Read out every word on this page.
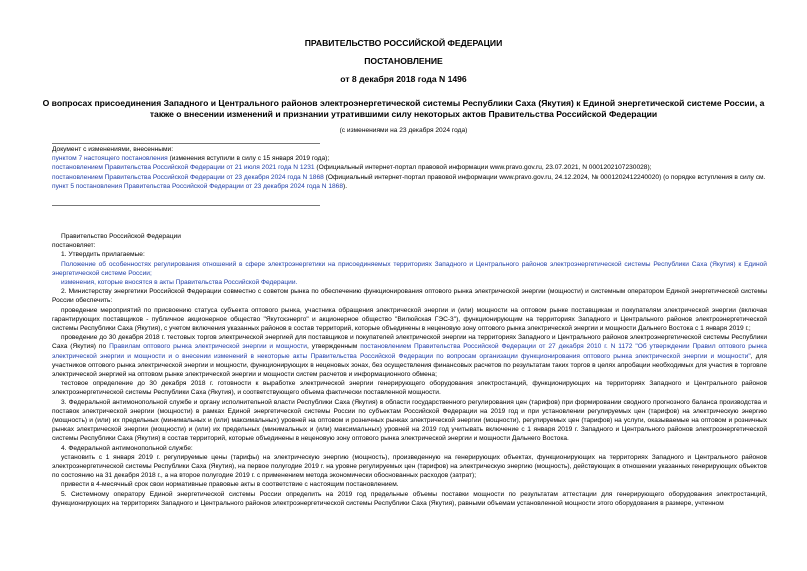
ПРАВИТЕЛЬСТВО РОССИЙСКОЙ ФЕДЕРАЦИИ
ПОСТАНОВЛЕНИЕ
от 8 декабря 2018 года N 1496
О вопросах присоединения Западного и Центрального районов электроэнергетической системы Республики Саха (Якутия) к Единой энергетической системе России, а также о внесении изменений и признании утратившими силу некоторых актов Правительства Российской Федерации
(с изменениями на 23 декабря 2024 года)

Документ с изменениями, внесенными:

пунктом 7 настоящего постановления (изменения вступили в силу с 15 января 2019 года);

постановлением Правительства Российской Федерации от 21 июля 2021 года N 1231 (Официальный интернет-портал правовой информации www.pravo.gov.ru, 23.07.2021, N 0001202107230028);

постановлением Правительства Российской Федерации от 23 декабря 2024 года N 1868 (Официальный интернет-портал правовой информации www.pravo.gov.ru, 24.12.2024, № 0001202412240020) (о порядке вступления в силу см. пункт 5 постановления Правительства Российской Федерации от 23 декабря 2024 года N 1868).

Правительство Российской Федерации

постановляет:

1. Утвердить прилагаемые:

Положение об особенностях регулирования отношений в сфере электроэнергетики на присоединяемых территориях Западного и Центрального районов электроэнергетической системы Республики Саха (Якутия) к Единой энергетической системе России;

изменения, которые вносятся в акты Правительства Российской Федерации.

2. Министерству энергетики Российской Федерации совместно с советом рынка по обеспечению функционирования оптового рынка электрической энергии (мощности) и системным оператором Единой энергетической системы России обеспечить:

проведение мероприятий по присвоению статуса субъекта оптового рынка, участника обращения электрической энергии и (или) мощности на оптовом рынке поставщикам и покупателям электрической энергии (включая гарантирующих поставщиков - публичное акционерное общество "Якутскэнерго" и акционерное общество "Вилюйская ГЭС-3"), функционирующим на территориях Западного и Центрального районов электроэнергетической системы Республики Саха (Якутия), с учетом включения указанных районов в состав территорий, которые объединены в неценовую зону оптового рынка электрической энергии и мощности Дальнего Востока с 1 января 2019 г.;

проведение до 30 декабря 2018 г. тестовых торгов электрической энергией для поставщиков и покупателей электрической энергии на территориях Западного и Центрального районов электроэнергетической системы Республики Саха (Якутия) по Правилам оптового рынка электрической энергии и мощности, утвержденным постановлением Правительства Российской Федерации от 27 декабря 2010 г. N 1172 "Об утверждении Правил оптового рынка электрической энергии и мощности и о внесении изменений в некоторые акты Правительства Российской Федерации по вопросам организации функционирования оптового рынка электрической энергии и мощности", для участников оптового рынка электрической энергии и мощности, функционирующих в неценовых зонах, без осуществления финансовых расчетов по результатам таких торгов в целях апробации необходимых для участия в торговле электрической энергией на оптовом рынке электрической энергии и мощности систем расчетов и информационного обмена;

тестовое определение до 30 декабря 2018 г. готовности к выработке электрической энергии генерирующего оборудования электростанций, функционирующих на территориях Западного и Центрального районов электроэнергетической системы Республики Саха (Якутия), и соответствующего объема фактически поставленной мощности.

3. Федеральной антимонопольной службе и органу исполнительной власти Республики Саха (Якутия) в области государственного регулирования цен (тарифов) при формировании сводного прогнозного баланса производства и поставок электрической энергии (мощности) в рамках Единой энергетической системы России по субъектам Российской Федерации на 2019 год и при установлении регулируемых цен (тарифов) на электрическую энергию (мощность) и (или) их предельных (минимальных и (или) максимальных) уровней на оптовом и розничных рынках электрической энергии (мощности), регулируемых цен (тарифов) на услуги, оказываемые на оптовом и розничных рынках электрической энергии (мощности) и (или) их предельных (минимальных и (или) максимальных) уровней на 2019 год учитывать включение с 1 января 2019 г. Западного и Центрального районов электроэнергетической системы Республики Саха (Якутия) в состав территорий, которые объединены в неценовую зону оптового рынка электрической энергии и мощности Дальнего Востока.

4. Федеральной антимонопольной службе:

установить с 1 января 2019 г. регулируемые цены (тарифы) на электрическую энергию (мощность), произведенную на генерирующих объектах, функционирующих на территориях Западного и Центрального районов электроэнергетической системы Республики Саха (Якутия), на первое полугодие 2019 г. на уровне регулируемых цен (тарифов) на электрическую энергию (мощность), действующих в отношении указанных генерирующих объектов по состоянию на 31 декабря 2018 г., а на второе полугодие 2019 г. с применением метода экономически обоснованных расходов (затрат);

привести в 4-месячный срок свои нормативные правовые акты в соответствие с настоящим постановлением.

5. Системному оператору Единой энергетической системы России определить на 2019 год предельные объемы поставки мощности по результатам аттестации для генерирующего оборудования электростанций, функционирующих на территориях Западного и Центрального районов электроэнергетической системы Республики Саха (Якутия), равными объемам установленной мощности этого оборудования в размере, учтенном
